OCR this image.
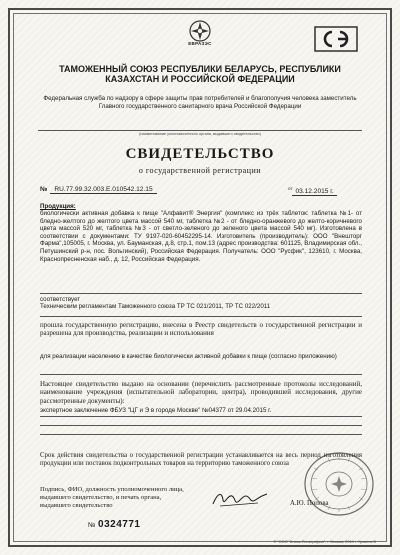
ЕВРАЗЭС
ТАМОЖЕННЫЙ СОЮЗ РЕСПУБЛИКИ БЕЛАРУСЬ, РЕСПУБЛИКИ КАЗАХСТАН И РОССИЙСКОЙ ФЕДЕРАЦИИ
Федеральная служба по надзору в сфере защиты прав потребителей и благополучия человека заместитель Главного государственного санитарного врача Российской Федерации
(наименование уполномоченного органа, выдавшего свидетельство)
СВИДЕТЕЛЬСТВО
о государственной регистрации
№ RU.77.99.32.003.Е.010542.12.15	$^{от}$ 03.12.2015 г.
Продукция:
биологически активная добавка к пище "Алфавит® Энергия" (комплекс из трёх таблеток: таблетка №1- от бледно-желтого до желтого цвета массой 540 мг, таблетка №2 - от бледно-оранжевого до желто-коричневого цвета массой 520 мг, таблетка №3 - от светло-зеленого до зеленого цвета массой 540 мг). Изготовлена в соответствии с документами: ТУ 9197-020-60452295-14. Изготовитель (производитель): ООО "Внешторг Фарма",105005, г. Москва, ул. Бауманская, д.8, стр.1, пом.13 (адрес производства: 601125, Владимирская обл., Петушинский р-н, пос. Вольгинский), Российская Федерация. Получатель: ООО "Русфик", 123610, г. Москва, Краснопресненская наб., д. 12, Российская Федерация.
соответствует
Техническим регламентам Таможенного союза ТР ТС 021/2011, ТР ТС 022/2011
прошла государственную регистрацию, внесена в Реестр свидетельств о государственной регистрации и разрешена для производства, реализации и использования
для реализации населению в качестве биологически активной добавки к пище (согласно приложению)
Настоящее свидетельство выдано на основании (перечислить рассмотренные протоколы исследований, наименование учреждения (испытательной лаборатории, центра), проводившей исследования, другие рассмотренные документы):
экспертное заключение ФБУЗ "ЦГ и Э в городе Москве" №04377 от 29.04.2015 г.
Срок действия свидетельства о государственной регистрации устанавливается на весь период изготовления продукции или поставок подконтрольных товаров на территорию таможенного союза
Подпись, ФИО, должность уполномоченного лица, выдавшего свидетельство, и печать органа, выдавшего свидетельство	А.Ю. Попова
№ 0324771
© "ООО" Бланк-Полиграфия", г. Москва, 2014 г. Уровень Б
